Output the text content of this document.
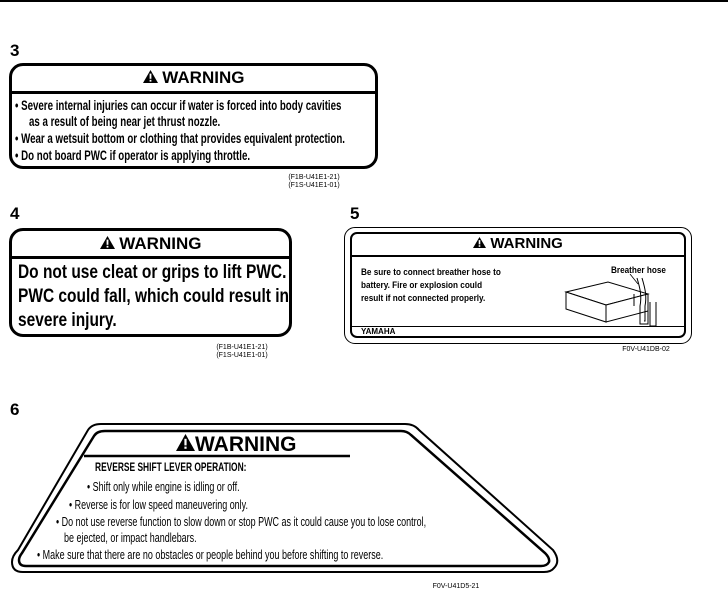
3
WARNING
• Severe internal injuries can occur if water is forced into body cavities
as a result of being near jet thrust nozzle.
• Wear a wetsuit bottom or clothing that provides equivalent protection.
• Do not board PWC if operator is applying throttle.
(F1B-U41E1-21)
(F1S-U41E1-01)
4
WARNING
Do not use cleat or grips to lift PWC.
PWC could fall, which could result in
severe injury.
(F1B-U41E1-21)
(F1S-U41E1-01)
5
WARNING
Be sure to connect breather hose to
battery. Fire or explosion could
result if not connected properly.
Breather hose
YAMAHA
F0V-U41DB-02
6
WARNING
REVERSE SHIFT LEVER OPERATION:
• Shift only while engine is idling or off.
• Reverse is for low speed maneuvering only.
• Do not use reverse function to slow down or stop PWC as it could cause you to lose control,
be ejected, or impact handlebars.
• Make sure that there are no obstacles or people behind you before shifting to reverse.
F0V-U41D5-21
